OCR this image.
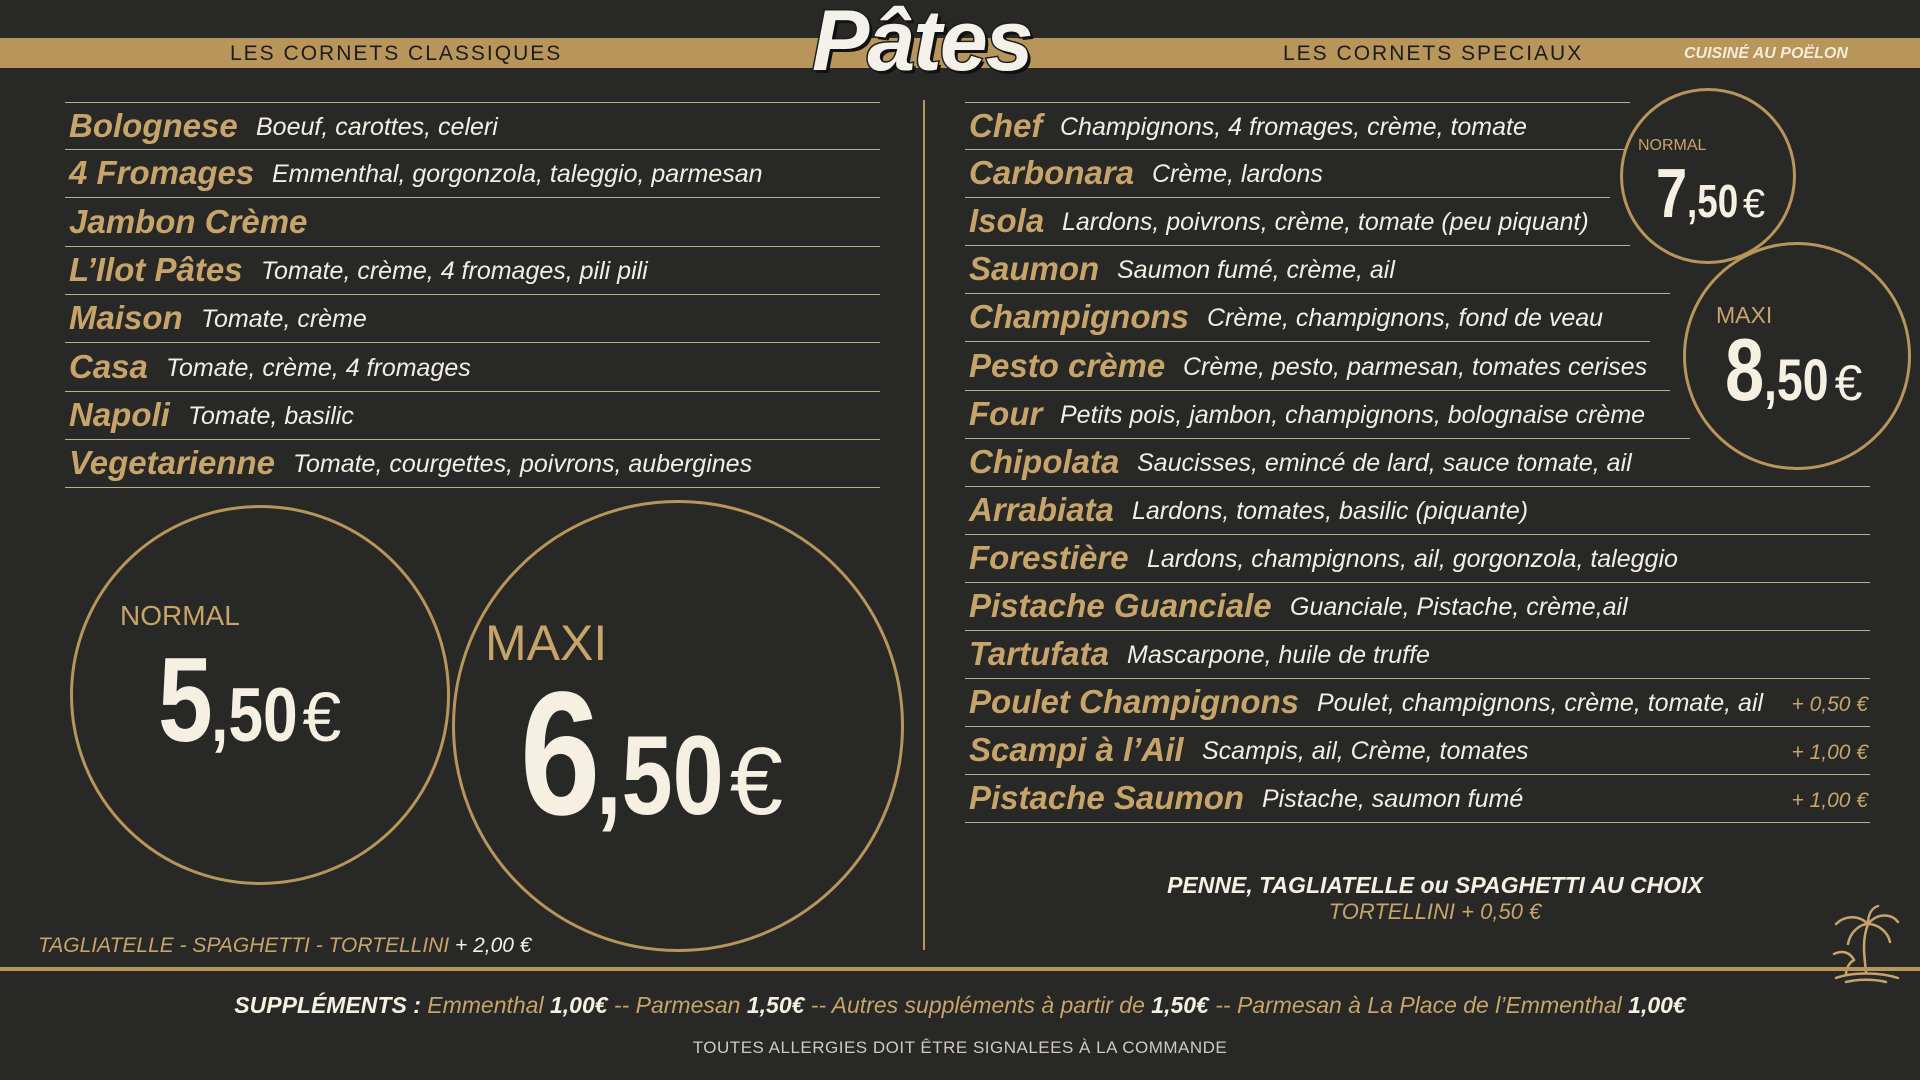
LES CORNETS CLASSIQUES	LES CORNETS SPECIAUX	CUISINÉ AU POËLON
Pâtes
Bolognese Boeuf, carottes, celeri
4 Fromages Emmenthal, gorgonzola, taleggio, parmesan
Jambon Crème
L’Ilot Pâtes Tomate, crème, 4 fromages, pili pili
Maison Tomate, crème
Casa Tomate, crème, 4 fromages
Napoli Tomate, basilic
Vegetarienne Tomate, courgettes, poivrons, aubergines
NORMAL
5,50€
MAXI
6,50€
TAGLIATELLE - SPAGHETTI - TORTELLINI + 2,00 €
Chef Champignons, 4 fromages, crème, tomate
Carbonara Crème, lardons
Isola Lardons, poivrons, crème, tomate (peu piquant)
Saumon Saumon fumé, crème, ail
Champignons Crème, champignons, fond de veau
Pesto crème Crème, pesto, parmesan, tomates cerises
Four Petits pois, jambon, champignons, bolognaise crème
Chipolata Saucisses, emincé de lard, sauce tomate, ail
Arrabiata Lardons, tomates, basilic (piquante)
Forestière Lardons, champignons, ail, gorgonzola, taleggio
Pistache Guanciale Guanciale, Pistache, crème,ail
Tartufata Mascarpone, huile de truffe
Poulet Champignons Poulet, champignons, crème, tomate, ail + 0,50 €
Scampi à l’Ail Scampis, ail, Crème, tomates	+ 1,00 €
Pistache Saumon Pistache, saumon fumé	+ 1,00 €
NORMAL
7,50 €
MAXI
8,50 €
PENNE, TAGLIATELLE ou SPAGHETTI AU CHOIX
TORTELLINI + 0,50 €
SUPPLÉMENTS : Emmenthal 1,00€ -- Parmesan 1,50€ -- Autres suppléments à partir de 1,50€ -- Parmesan à La Place de l’Emmenthal 1,00€
TOUTES ALLERGIES DOIT ÊTRE SIGNALEES À LA COMMANDE
